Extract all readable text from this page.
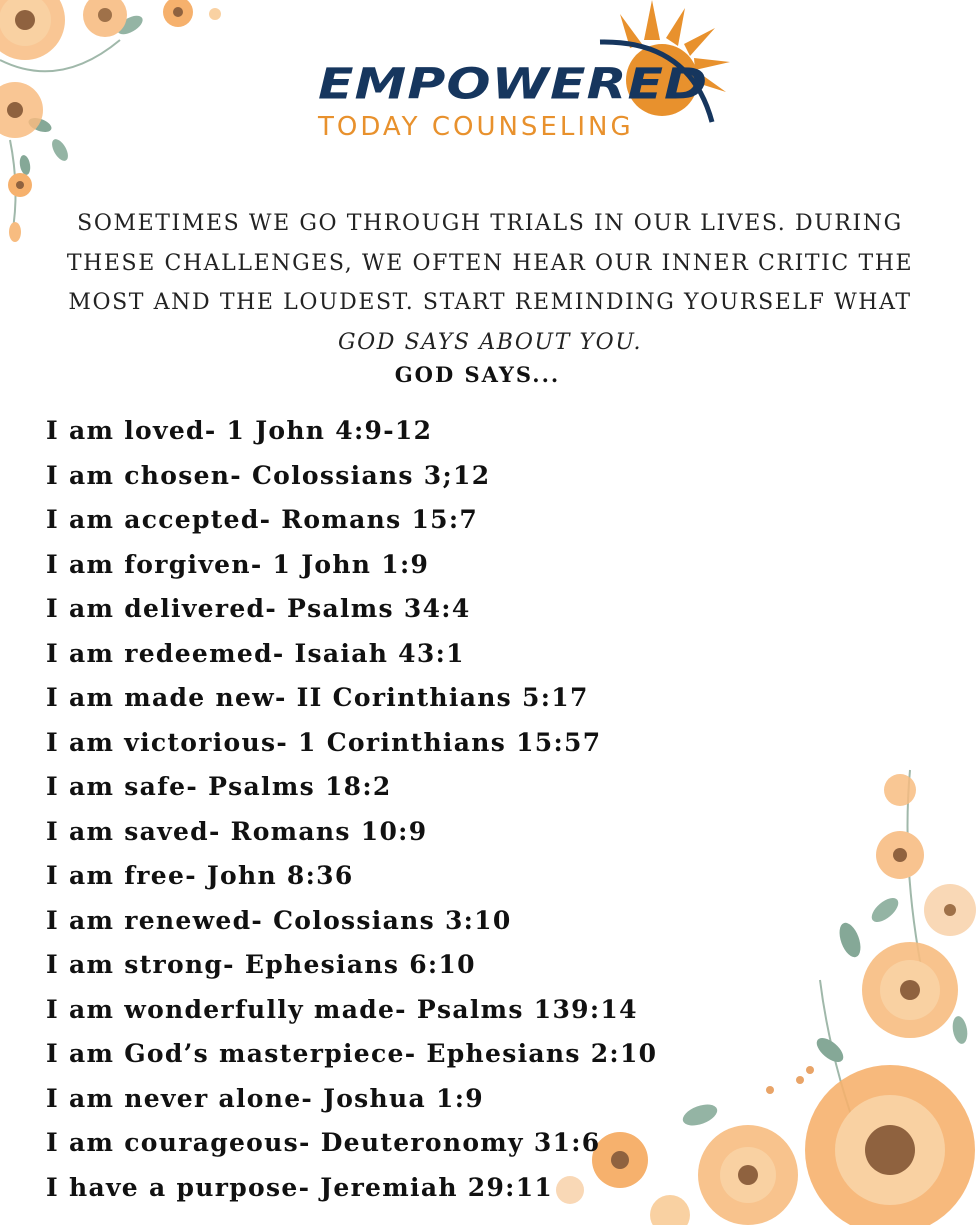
EMPOWERED
TODAY COUNSELING
SOMETIMES WE GO THROUGH TRIALS IN OUR LIVES. DURING THESE CHALLENGES, WE OFTEN HEAR OUR INNER CRITIC THE MOST AND THE LOUDEST. START REMINDING YOURSELF WHAT GOD SAYS ABOUT YOU.
GOD SAYS...
I am loved- 1 John 4:9-12
I am chosen- Colossians 3;12
I am accepted- Romans 15:7
I am forgiven- 1 John 1:9
I am delivered- Psalms 34:4
I am redeemed- Isaiah 43:1
I am made new- II Corinthians 5:17
I am victorious- 1 Corinthians 15:57
I am safe- Psalms 18:2
I am saved- Romans 10:9
I am free- John 8:36
I am renewed- Colossians 3:10
I am strong- Ephesians 6:10
I am wonderfully made- Psalms 139:14
I am God’s masterpiece- Ephesians 2:10
I am never alone- Joshua 1:9
I am courageous- Deuteronomy 31:6
I have a purpose- Jeremiah 29:11
